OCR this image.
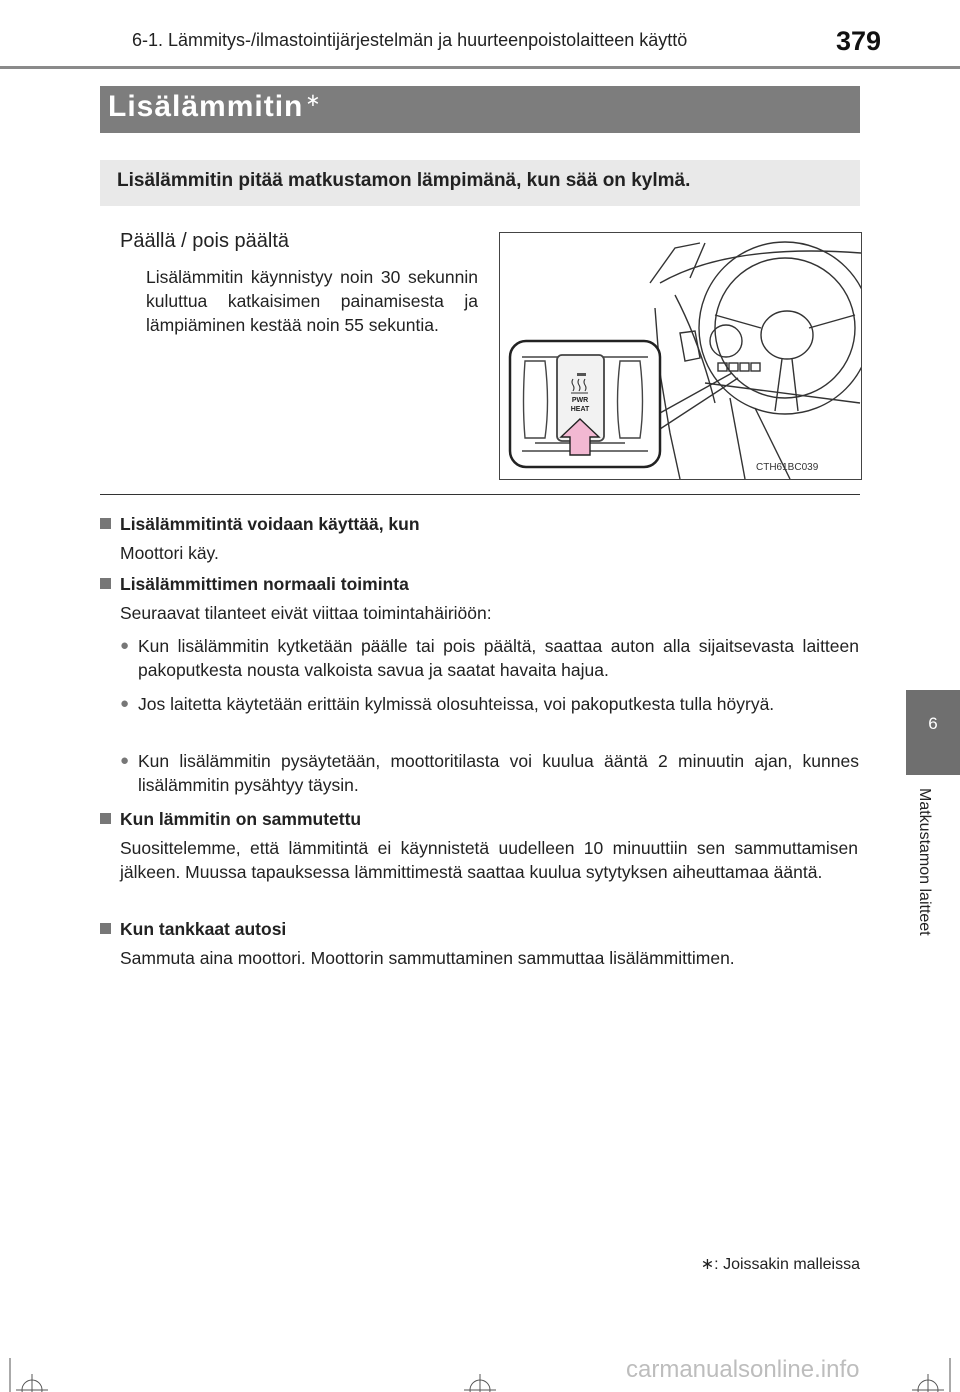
6-1. Lämmitys-/ilmastointijärjestelmän ja huurteenpoistolaitteen käyttö	379
6
Matkustamon laitteet
Lisälämmitin ∗
Lisälämmitin pitää matkustamon lämpimänä, kun sää on kylmä.
Päällä / pois päältä
Lisälämmitin käynnistyy noin 30 sekunnin kuluttua katkaisimen painamisesta ja lämpiäminen kestää noin 55 sekuntia.
PWR
HEAT
CTH61BC039
Lisälämmitintä voidaan käyttää, kun
Moottori käy.
Lisälämmittimen normaali toiminta
Seuraavat tilanteet eivät viittaa toimintahäiriöön:
● Kun lisälämmitin kytketään päälle tai pois päältä, saattaa auton alla sijaitsevasta laitteen pakoputkesta nousta valkoista savua ja saatat havaita hajua.
● Jos laitetta käytetään erittäin kylmissä olosuhteissa, voi pakoputkesta tulla höyryä.
● Kun lisälämmitin pysäytetään, moottoritilasta voi kuulua ääntä 2 minuutin ajan, kunnes lisälämmitin pysähtyy täysin.
Kun lämmitin on sammutettu
Suosittelemme, että lämmitintä ei käynnistetä uudelleen 10 minuuttiin sen sammuttamisen jälkeen. Muussa tapauksessa lämmittimestä saattaa kuulua sytytyksen aiheuttamaa ääntä.
Kun tankkaat autosi
Sammuta aina moottori. Moottorin sammuttaminen sammuttaa lisälämmittimen.
∗: Joissakin malleissa
carmanualsonline.info
